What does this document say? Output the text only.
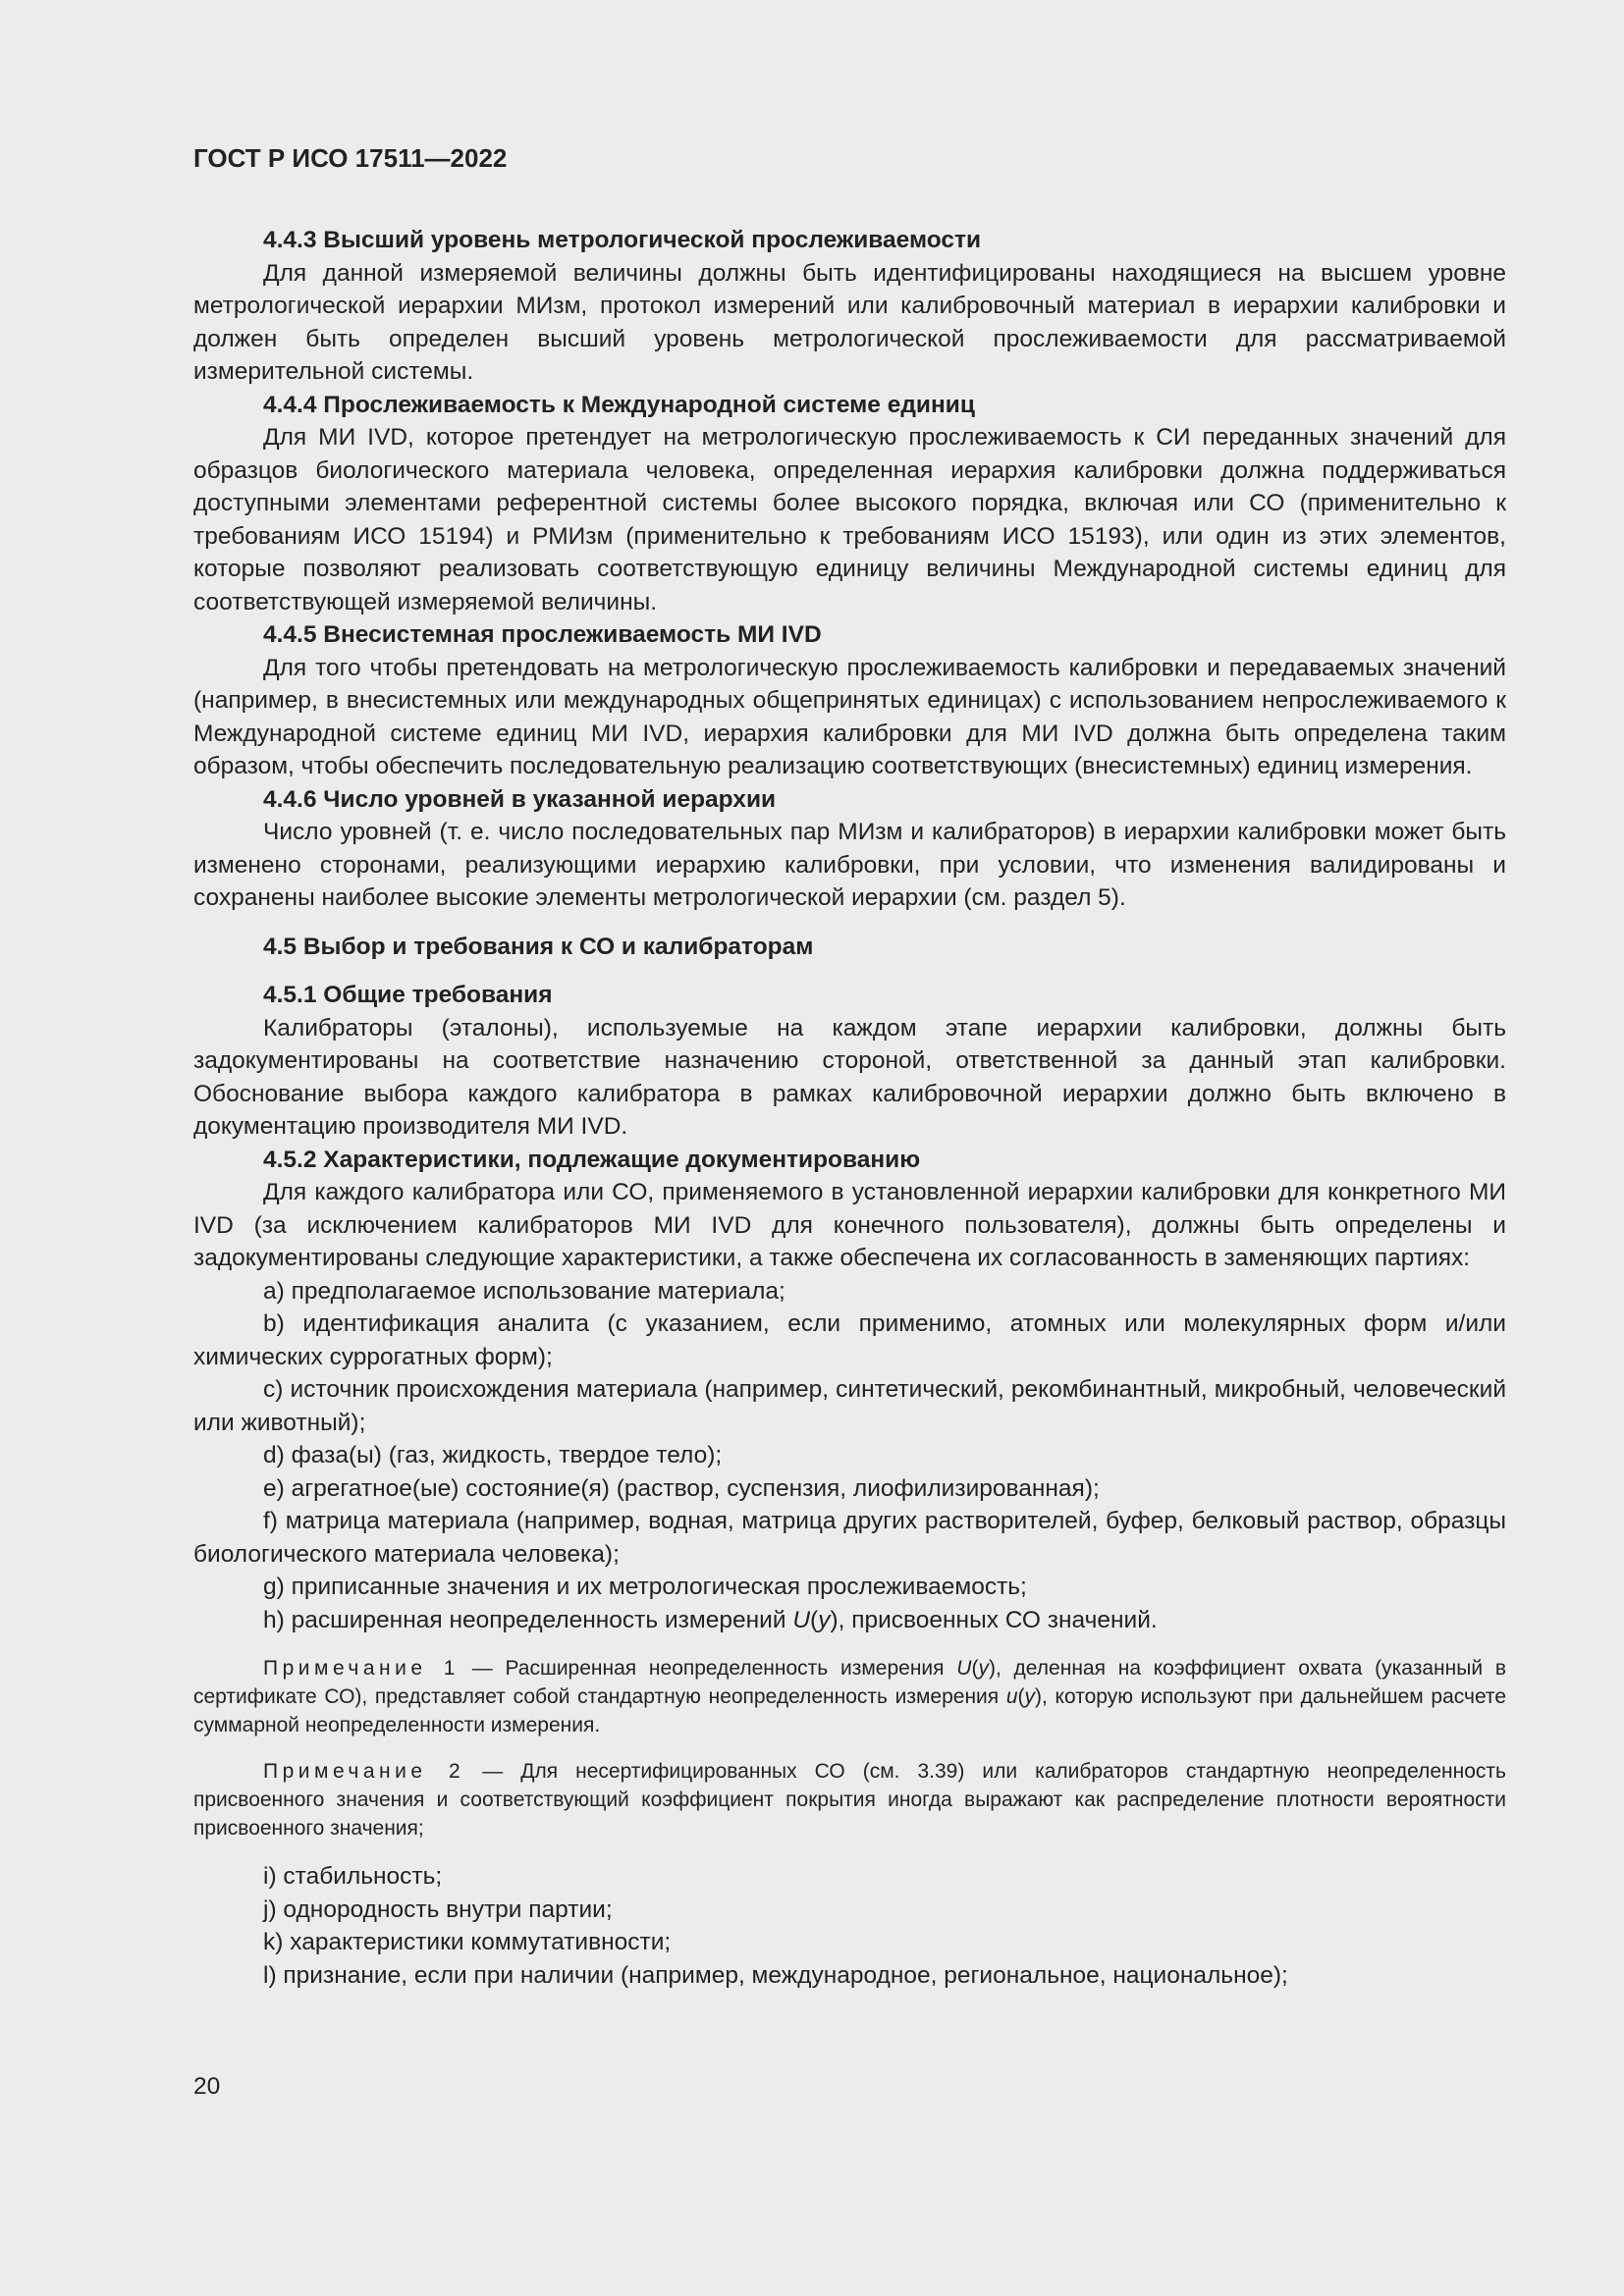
ГОСТ Р ИСО 17511—2022

4.4.3 Высший уровень метрологической прослеживаемости

Для данной измеряемой величины должны быть идентифицированы находящиеся на высшем уровне метрологической иерархии МИзм, протокол измерений или калибровочный материал в иерархии калибровки и должен быть определен высший уровень метрологической прослеживаемости для рассматриваемой измерительной системы.

4.4.4 Прослеживаемость к Международной системе единиц

Для МИ IVD, которое претендует на метрологическую прослеживаемость к СИ переданных значений для образцов биологического материала человека, определенная иерархия калибровки должна поддерживаться доступными элементами референтной системы более высокого порядка, включая или СО (применительно к требованиям ИСО 15194) и РМИзм (применительно к требованиям ИСО 15193), или один из этих элементов, которые позволяют реализовать соответствующую единицу величины Международной системы единиц для соответствующей измеряемой величины.

4.4.5 Внесистемная прослеживаемость МИ IVD

Для того чтобы претендовать на метрологическую прослеживаемость калибровки и передаваемых значений (например, в внесистемных или международных общепринятых единицах) с использованием непрослеживаемого к Международной системе единиц МИ IVD, иерархия калибровки для МИ IVD должна быть определена таким образом, чтобы обеспечить последовательную реализацию соответствующих (внесистемных) единиц измерения.

4.4.6 Число уровней в указанной иерархии

Число уровней (т. е. число последовательных пар МИзм и калибраторов) в иерархии калибровки может быть изменено сторонами, реализующими иерархию калибровки, при условии, что изменения валидированы и сохранены наиболее высокие элементы метрологической иерархии (см. раздел 5).

4.5 Выбор и требования к СО и калибраторам

4.5.1 Общие требования

Калибраторы (эталоны), используемые на каждом этапе иерархии калибровки, должны быть задокументированы на соответствие назначению стороной, ответственной за данный этап калибровки. Обоснование выбора каждого калибратора в рамках калибровочной иерархии должно быть включено в документацию производителя МИ IVD.

4.5.2 Характеристики, подлежащие документированию

Для каждого калибратора или СО, применяемого в установленной иерархии калибровки для конкретного МИ IVD (за исключением калибраторов МИ IVD для конечного пользователя), должны быть определены и задокументированы следующие характеристики, а также обеспечена их согласованность в заменяющих партиях:

a) предполагаемое использование материала;

b) идентификация аналита (с указанием, если применимо, атомных или молекулярных форм и/или химических суррогатных форм);

c) источник происхождения материала (например, синтетический, рекомбинантный, микробный, человеческий или животный);

d) фаза(ы) (газ, жидкость, твердое тело);

e) агрегатное(ые) состояние(я) (раствор, суспензия, лиофилизированная);

f) матрица материала (например, водная, матрица других растворителей, буфер, белковый раствор, образцы биологического материала человека);

g) приписанные значения и их метрологическая прослеживаемость;

h) расширенная неопределенность измерений U(y), присвоенных СО значений.

Примечание 1 — Расширенная неопределенность измерения U(y), деленная на коэффициент охвата (указанный в сертификате СО), представляет собой стандартную неопределенность измерения u(y), которую используют при дальнейшем расчете суммарной неопределенности измерения.

Примечание 2 — Для несертифицированных СО (см. 3.39) или калибраторов стандартную неопределенность присвоенного значения и соответствующий коэффициент покрытия иногда выражают как распределение плотности вероятности присвоенного значения;

i) стабильность;

j) однородность внутри партии;

k) характеристики коммутативности;

l) признание, если при наличии (например, международное, региональное, национальное);

20
